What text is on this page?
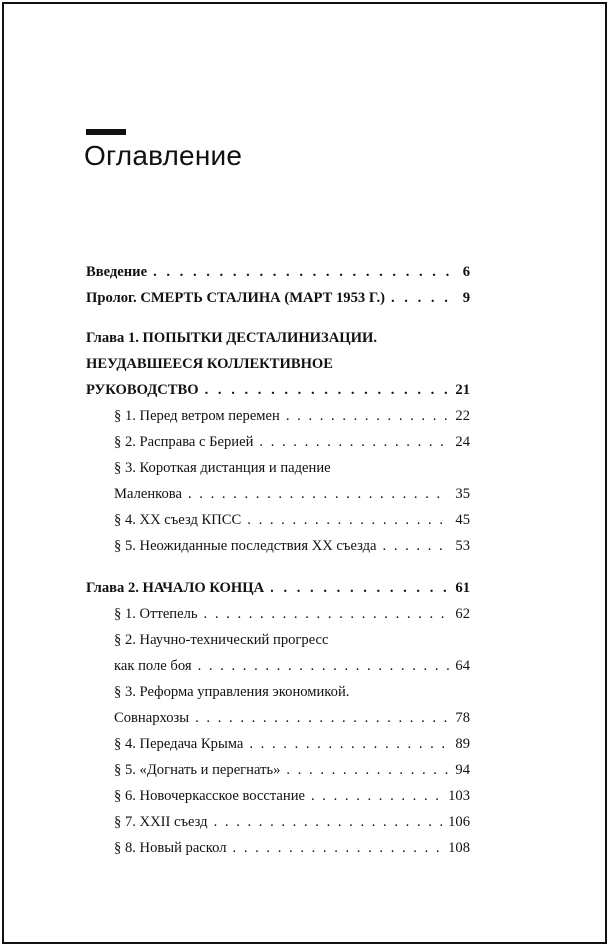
Оглавление
Введение . . .	6
Пролог. СМЕРТЬ СТАЛИНА (МАРТ 1953 Г.) . . .	9
Глава 1. ПОПЫТКИ ДЕСТАЛИНИЗАЦИИ.
НЕУДАВШЕЕСЯ КОЛЛЕКТИВНОЕ
РУКОВОДСТВО . . .	21
§ 1. Перед ветром перемен . . .	22
§ 2. Расправа с Берией . . .	24
§ 3. Короткая дистанция и падение
Маленкова . . .	35
§ 4. XX съезд КПСС . . .	45
§ 5. Неожиданные последствия XX съезда . . .	53
Глава 2. НАЧАЛО КОНЦА . . .	61
§ 1. Оттепель . . .	62
§ 2. Научно-технический прогресс
как поле боя . . .	64
§ 3. Реформа управления экономикой.
Совнархозы . . .	78
§ 4. Передача Крыма . . .	89
§ 5. «Догнать и перегнать» . . .	94
§ 6. Новочеркасское восстание . . .	103
§ 7. XXII съезд . . .	106
§ 8. Новый раскол . . .	108
